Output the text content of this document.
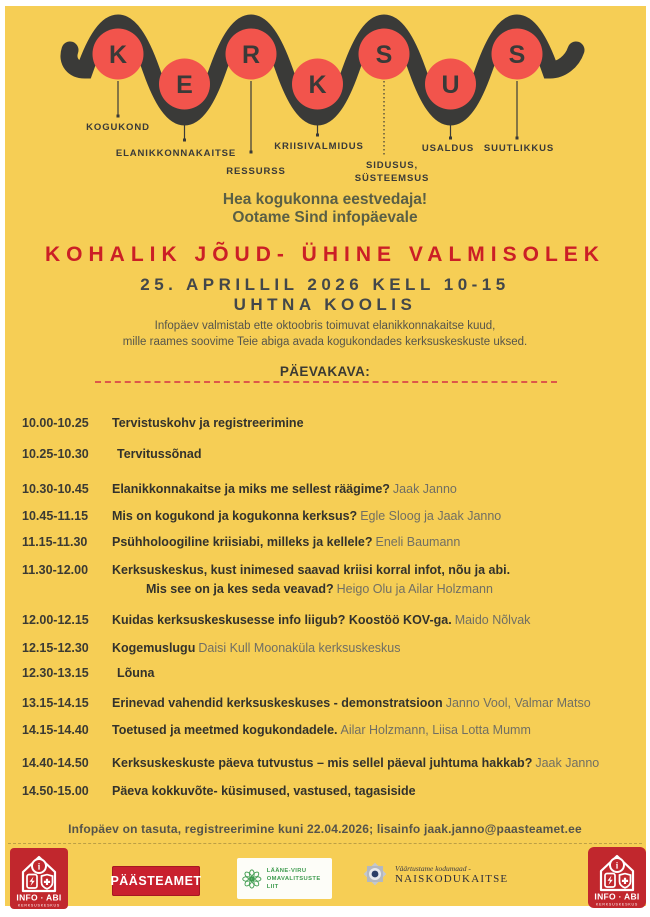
K
E
R
K
S
U
S
KOGUKOND
ELANIKKONNAKAITSE
RESSURSS
KRIISIVALMIDUS
SIDUSUS,
SÜSTEEMSUS
USALDUS SUUTLIKKUS
Hea kogukonna eestvedaja!
Ootame Sind infopäevale
KOHALIK JÕUD- ÜHINE VALMISOLEK
25. APRILLIL 2026 KELL 10-15
UHTNA KOOLIS
Infopäev valmistab ette oktoobris toimuvat elanikkonnakaitse kuud,
mille raames soovime Teie abiga avada kogukondades kerksuskeskuste uksed.
PÄEVAKAVA:
10.00-10.25	Tervistuskohv ja registreerimine
10.25-10.30	Tervitussõnad
10.30-10.45	Elanikkonnakaitse ja miks me sellest räägime? Jaak Janno
10.45-11.15	Mis on kogukond ja kogukonna kerksus? Egle Sloog ja Jaak Janno
11.15-11.30	Psühholoogiline kriisiabi, milleks ja kellele? Eneli Baumann
11.30-12.00	Kerksuskeskus, kust inimesed saavad kriisi korral infot, nõu ja abi.
Mis see on ja kes seda veavad? Heigo Olu ja Ailar Holzmann
12.00-12.15	Kuidas kerksuskeskusesse info liigub? Koostöö KOV-ga. Maido Nõlvak
12.15-12.30	Kogemuslugu Daisi Kull Moonaküla kerksuskeskus
12.30-13.15	Lõuna
13.15-14.15	Erinevad vahendid kerksuskeskuses - demonstratsioon Janno Vool, Valmar Matso
14.15-14.40	Toetused ja meetmed kogukondadele. Ailar Holzmann, Liisa Lotta Mumm
14.40-14.50	Kerksuskeskuste päeva tutvustus – mis sellel päeval juhtuma hakkab? Jaak Janno
14.50-15.00	Päeva kokkuvõte- küsimused, vastused, tagasiside
Infopäev on tasuta, registreerimine kuni 22.04.2026; lisainfo jaak.janno@paasteamet.ee
i
INFO · ABI
KERKSUSKESKUS
PÄÄSTEAMET
LÄÄNE-VIRU
OMAVALITSUSTE LIIT
Väärtustame kodumaad -
NAISKODUKAITSE
i
INFO · ABI
KERKSUSKESKUS
